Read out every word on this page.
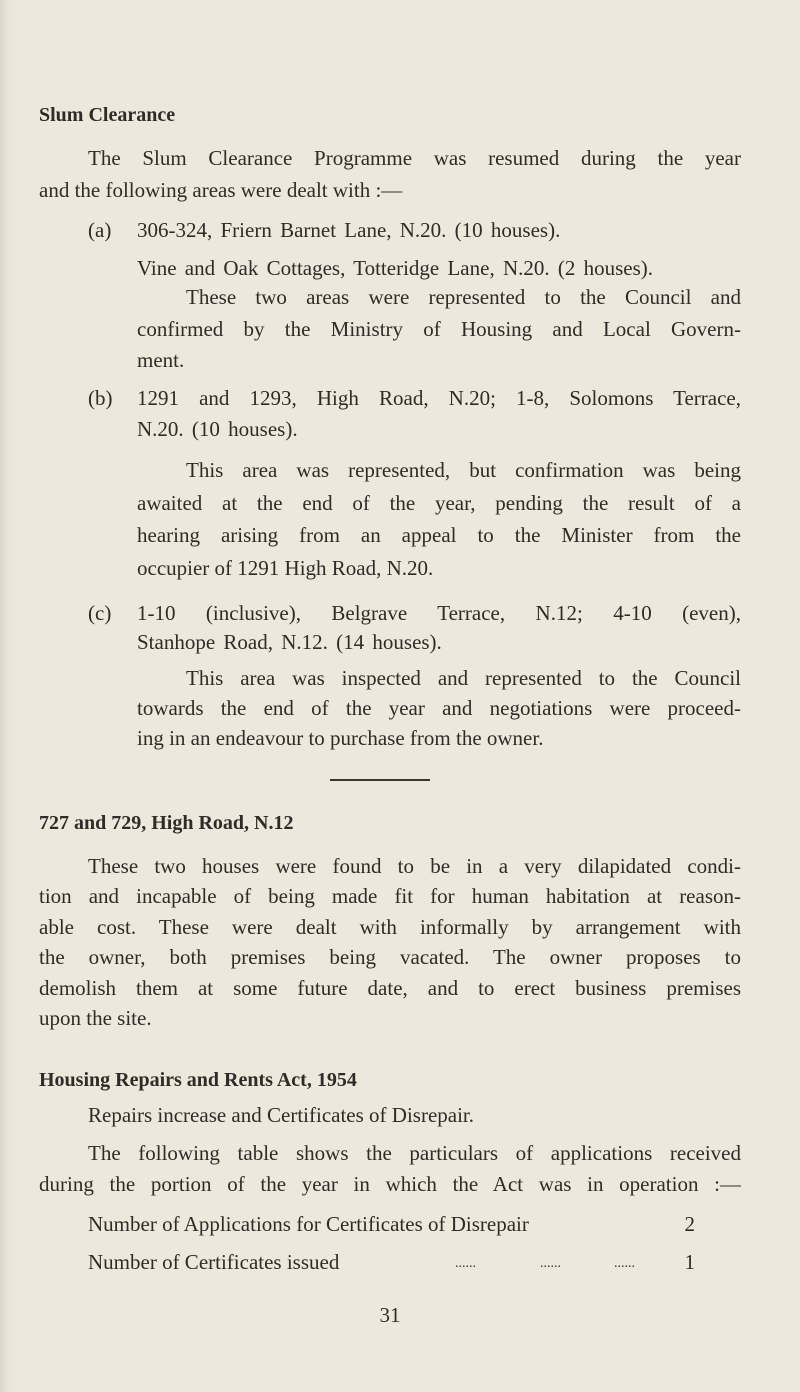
Slum Clearance
The Slum Clearance Programme was resumed during the year
and the following areas were dealt with :—
(a) 306-324, Friern Barnet Lane, N.20. (10 houses).
Vine and Oak Cottages, Totteridge Lane, N.20. (2 houses).
These two areas were represented to the Council and
confirmed by the Ministry of Housing and Local Govern-
ment.
(b) 1291 and 1293, High Road, N.20; 1-8, Solomons Terrace,
N.20. (10 houses).
This area was represented, but confirmation was being
awaited at the end of the year, pending the result of a
hearing arising from an appeal to the Minister from the
occupier of 1291 High Road, N.20.
(c) 1-10 (inclusive), Belgrave Terrace, N.12; 4-10 (even),
Stanhope Road, N.12. (14 houses).
This area was inspected and represented to the Council
towards the end of the year and negotiations were proceed-
ing in an endeavour to purchase from the owner.
727 and 729, High Road, N.12
These two houses were found to be in a very dilapidated condi-
tion and incapable of being made fit for human habitation at reason-
able cost. These were dealt with informally by arrangement with
the owner, both premises being vacated. The owner proposes to
demolish them at some future date, and to erect business premises
upon the site.
Housing Repairs and Rents Act, 1954
Repairs increase and Certificates of Disrepair.
The following table shows the particulars of applications received
during the portion of the year in which the Act was in operation :—
Number of Applications for Certificates of Disrepair	2
Number of Certificates issued	......	......	......	1
31
